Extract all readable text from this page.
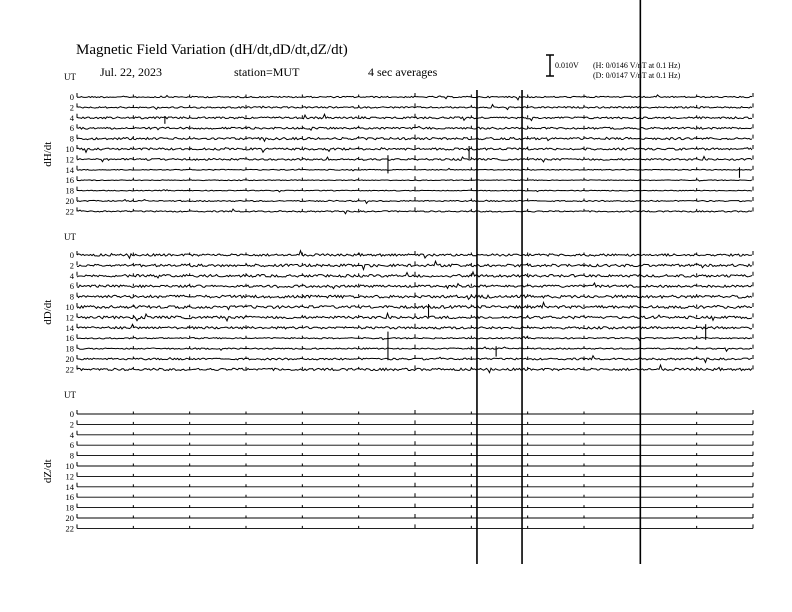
Magnetic Field Variation (dH/dt,dD/dt,dZ/dt)
Jul. 22, 2023	station=MUT	4 sec averages	0.010V (H: 0/0146 V/nT at 0.1 Hz)
(D: 0/0147 V/nT at 0.1 Hz)
UT
dH/dt
0
2
4
6
8
10
12
14
16
18
20
22
UT
dD/dt
0
2
4
6
8
10
12
14
16
18
20
22
UT
dZ/dt
0
2
4
6
8
10
12
14
16
18
20
22
